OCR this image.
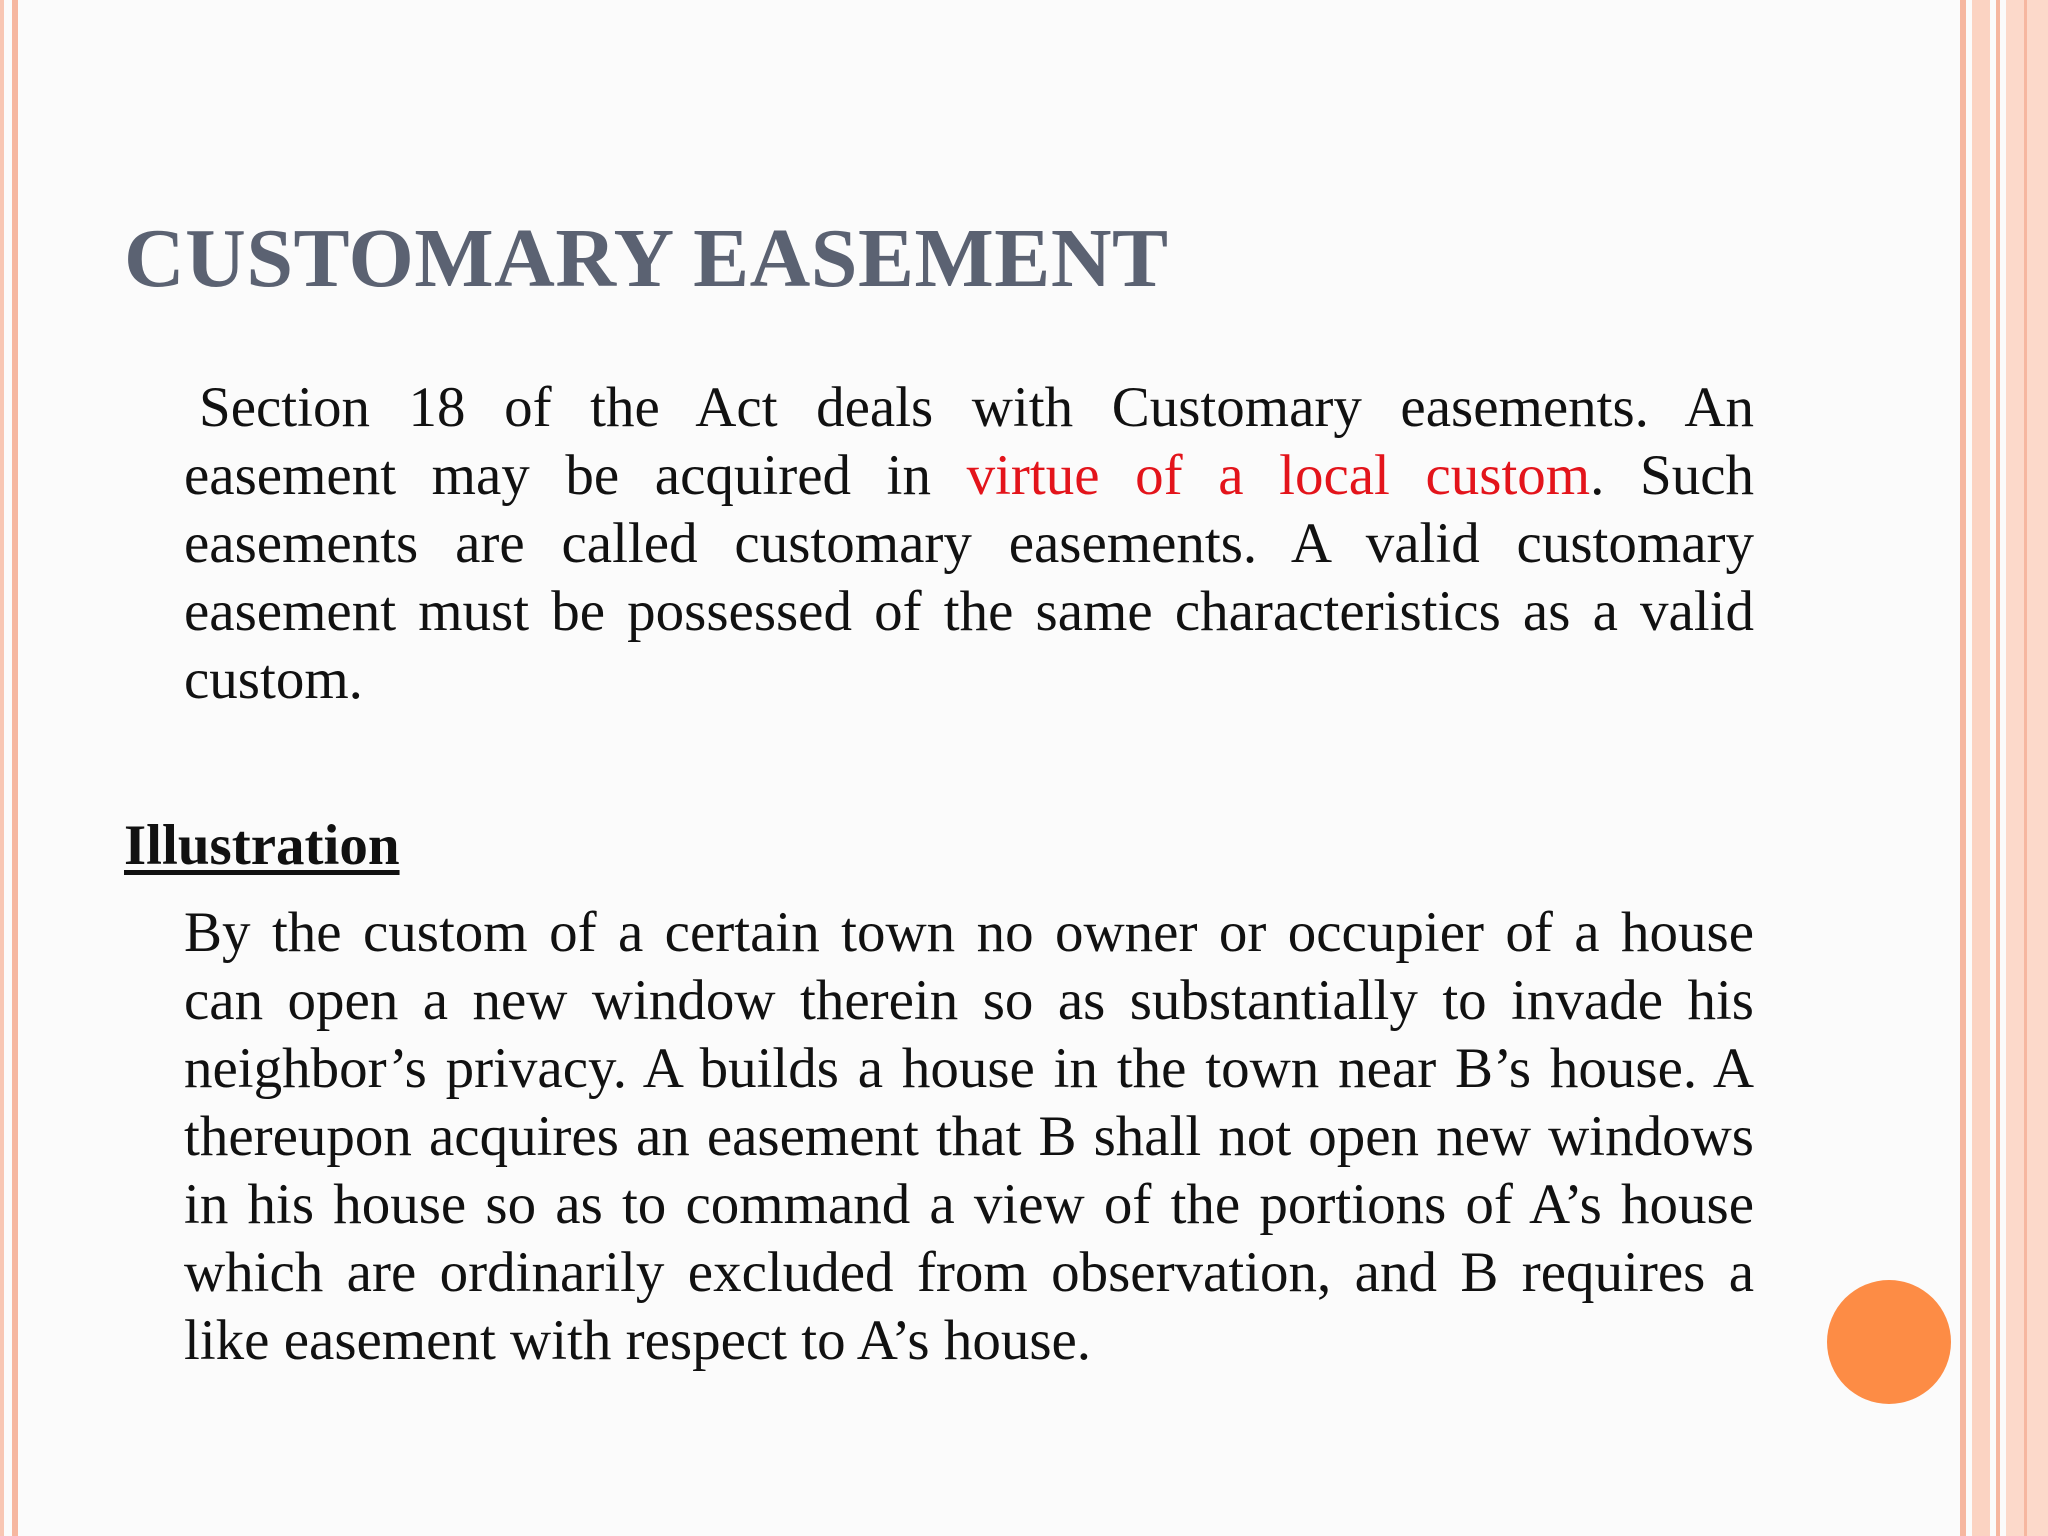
CUSTOMARY EASEMENT

Section 18 of the Act deals with Customary easements. An easement may be acquired in virtue of a local custom. Such easements are called customary easements. A valid customary easement must be possessed of the same characteristics as a valid custom.

Illustration

By the custom of a certain town no owner or occupier of a house can open a new window therein so as substantially to invade his neighbor’s privacy. A builds a house in the town near B’s house. A thereupon acquires an easement that B shall not open new windows in his house so as to command a view of the portions of A’s house which are ordinarily excluded from observation, and B requires a like easement with respect to A’s house.
